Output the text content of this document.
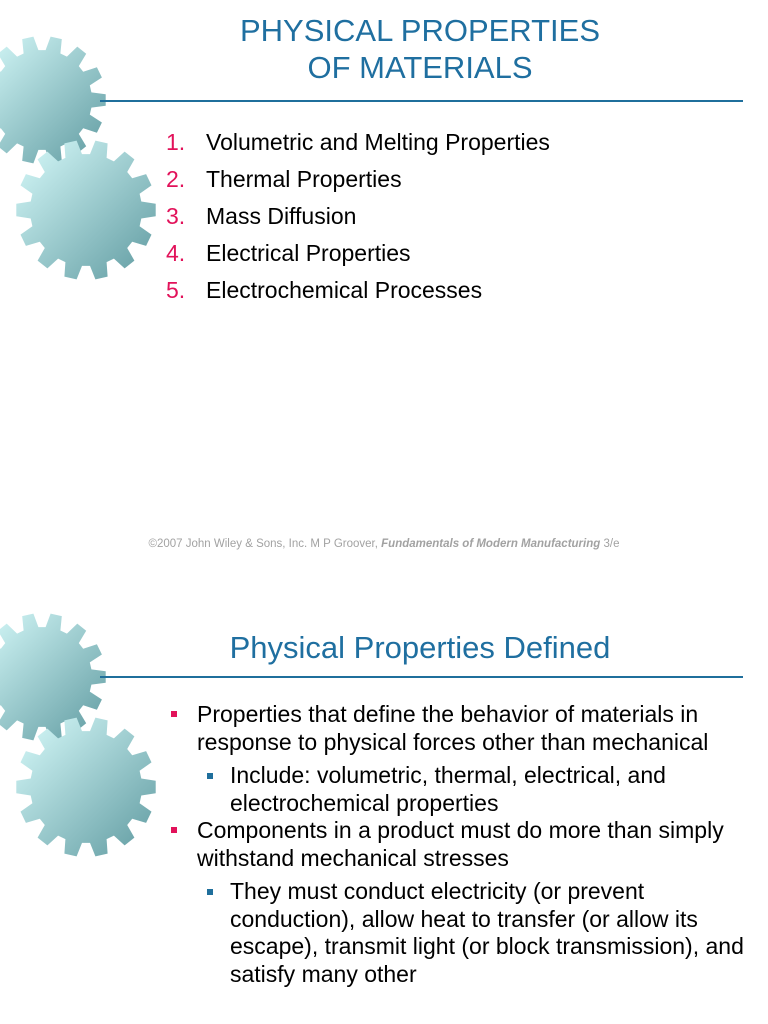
PHYSICAL PROPERTIES
OF MATERIALS
1. Volumetric and Melting Properties
2. Thermal Properties
3. Mass Diffusion
4. Electrical Properties
5. Electrochemical Processes
©2007 John Wiley & Sons, Inc. M P Groover, Fundamentals of Modern Manufacturing 3/e
Physical Properties Defined
Properties that define the behavior of materials in response to physical forces other than mechanical
Include: volumetric, thermal, electrical, and electrochemical properties
Components in a product must do more than simply withstand mechanical stresses
They must conduct electricity (or prevent conduction), allow heat to transfer (or allow its escape), transmit light (or block transmission), and satisfy many other
